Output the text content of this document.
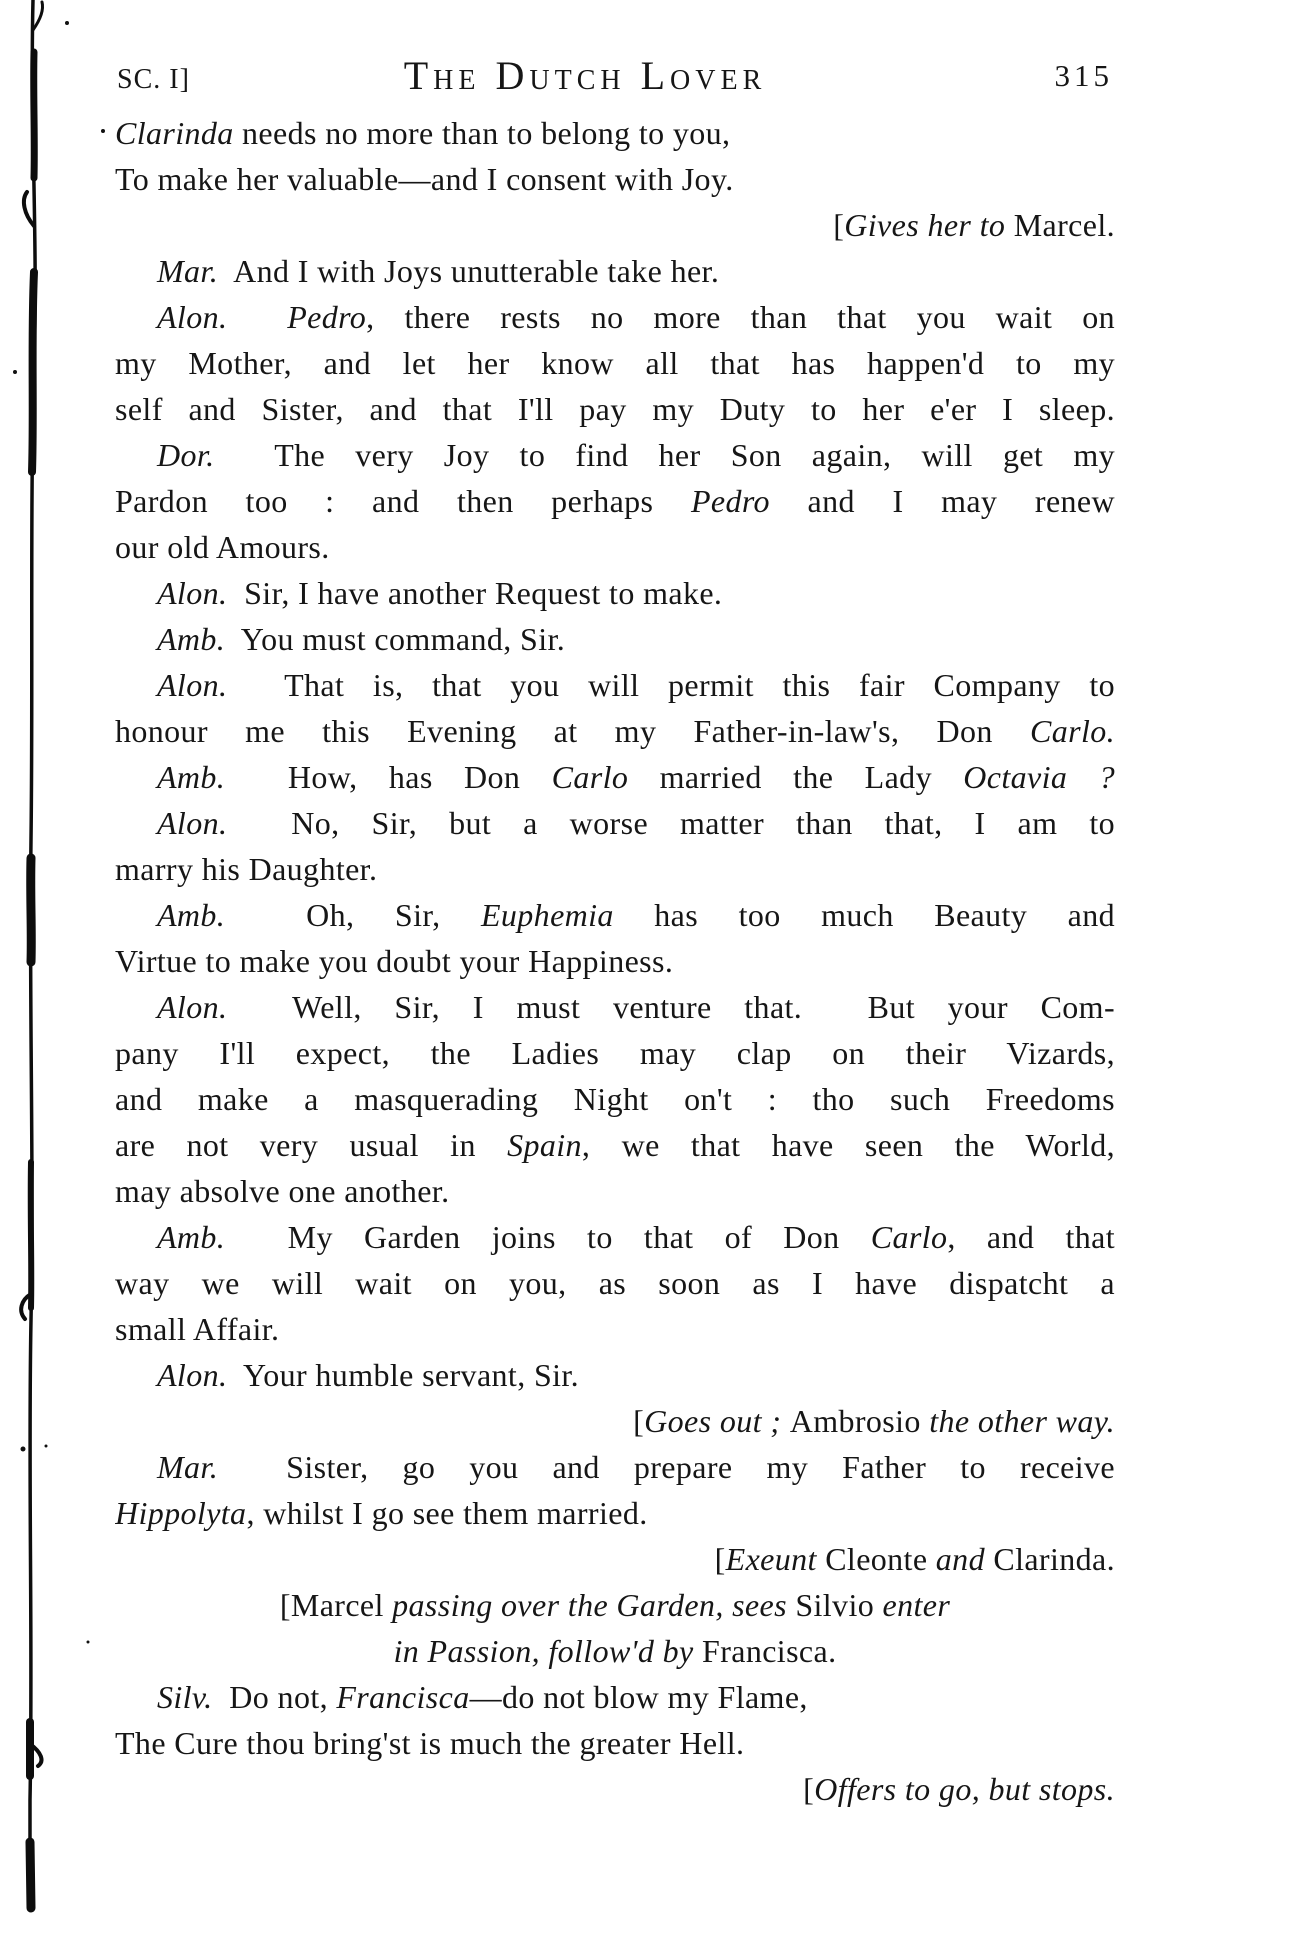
SC. I]	The Dutch Lover	315
Clarinda needs no more than to belong to you,
To make her valuable—and I consent with Joy.
[Gives her to Marcel.
Mar.  And I with Joys unutterable take her.
Alon. Pedro, there rests no more than that you wait on
my Mother, and let her know all that has happen'd to my
self and Sister, and that I'll pay my Duty to her e'er I sleep.
Dor.  The very Joy to find her Son again, will get my
Pardon too : and then perhaps Pedro and I may renew
our old Amours.
Alon.  Sir, I have another Request to make.
Amb.  You must command, Sir.
Alon.  That is, that you will permit this fair Company to
honour me this Evening at my Father-in-law's, Don Carlo.
Amb.  How, has Don Carlo married the Lady Octavia ?
Alon.  No, Sir, but a worse matter than that, I am to
marry his Daughter.
Amb.  Oh, Sir, Euphemia has too much Beauty and
Virtue to make you doubt your Happiness.
Alon.  Well, Sir, I must venture that.  But your Com-
pany I'll expect, the Ladies may clap on their Vizards,
and make a masquerading Night on't : tho such Freedoms
are not very usual in Spain, we that have seen the World,
may absolve one another.
Amb.  My Garden joins to that of Don Carlo, and that
way we will wait on you, as soon as I have dispatcht a
small Affair.
Alon.  Your humble servant, Sir.
[Goes out ; Ambrosio the other way.
Mar.  Sister, go you and prepare my Father to receive
Hippolyta, whilst I go see them married.
[Exeunt Cleonte and Clarinda.
[Marcel passing over the Garden, sees Silvio enter
in Passion, follow'd by Francisca.
Silv.  Do not, Francisca—do not blow my Flame,
The Cure thou bring'st is much the greater Hell.
[Offers to go, but stops.
